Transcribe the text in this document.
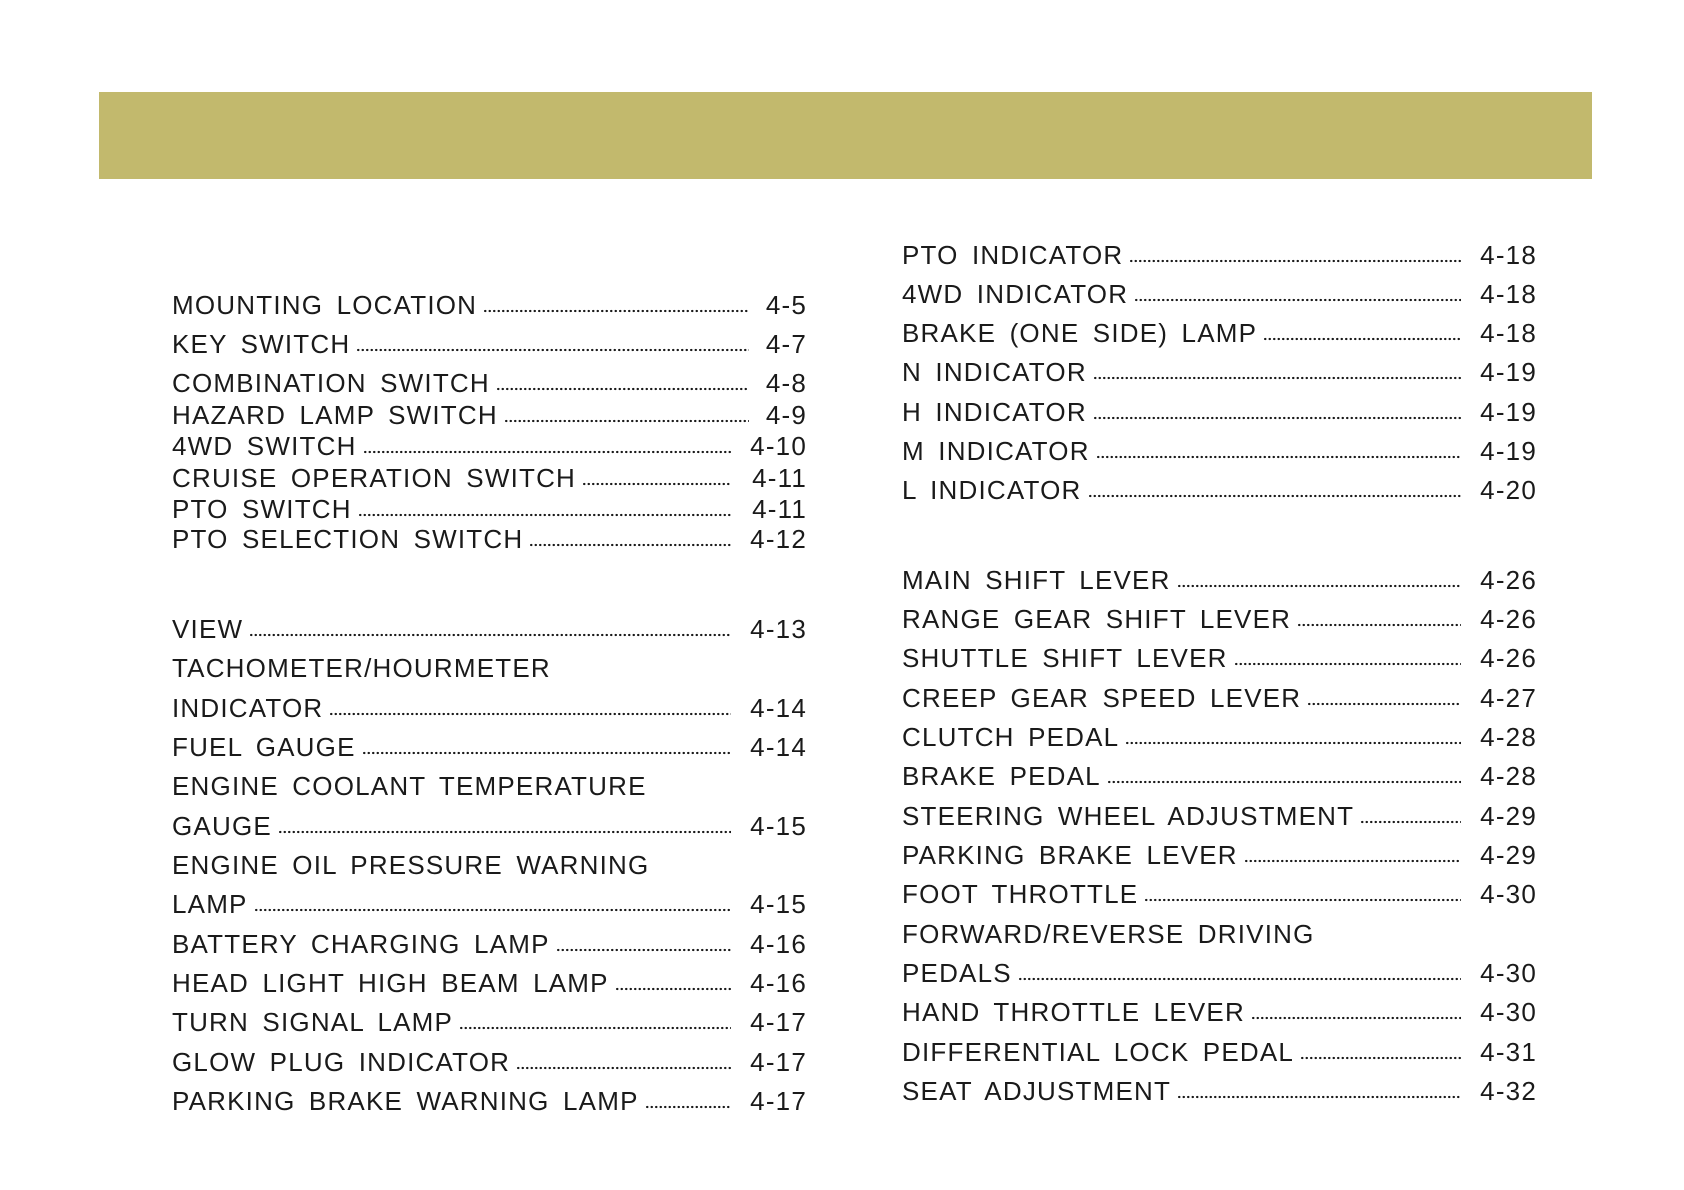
MOUNTING LOCATION	4-5
KEY SWITCH	4-7
COMBINATION SWITCH	4-8
HAZARD LAMP SWITCH	4-9
4WD SWITCH	4-10
CRUISE OPERATION SWITCH	4-11
PTO SWITCH	4-11
PTO SELECTION SWITCH	4-12
VIEW	4-13
TACHOMETER/HOURMETER
INDICATOR	4-14
FUEL GAUGE	4-14
ENGINE COOLANT TEMPERATURE
GAUGE	4-15
ENGINE OIL PRESSURE WARNING
LAMP	4-15
BATTERY CHARGING LAMP	4-16
HEAD LIGHT HIGH BEAM LAMP	4-16
TURN SIGNAL LAMP	4-17
GLOW PLUG INDICATOR	4-17
PARKING BRAKE WARNING LAMP	4-17
PTO INDICATOR	4-18
4WD INDICATOR	4-18
BRAKE (ONE SIDE) LAMP	4-18
N INDICATOR	4-19
H INDICATOR	4-19
M INDICATOR	4-19
L INDICATOR	4-20
MAIN SHIFT LEVER	4-26
RANGE GEAR SHIFT LEVER	4-26
SHUTTLE SHIFT LEVER	4-26
CREEP GEAR SPEED LEVER	4-27
CLUTCH PEDAL	4-28
BRAKE PEDAL	4-28
STEERING WHEEL ADJUSTMENT	4-29
PARKING BRAKE LEVER	4-29
FOOT THROTTLE	4-30
FORWARD/REVERSE DRIVING
PEDALS	4-30
HAND THROTTLE LEVER	4-30
DIFFERENTIAL LOCK PEDAL	4-31
SEAT ADJUSTMENT	4-32
